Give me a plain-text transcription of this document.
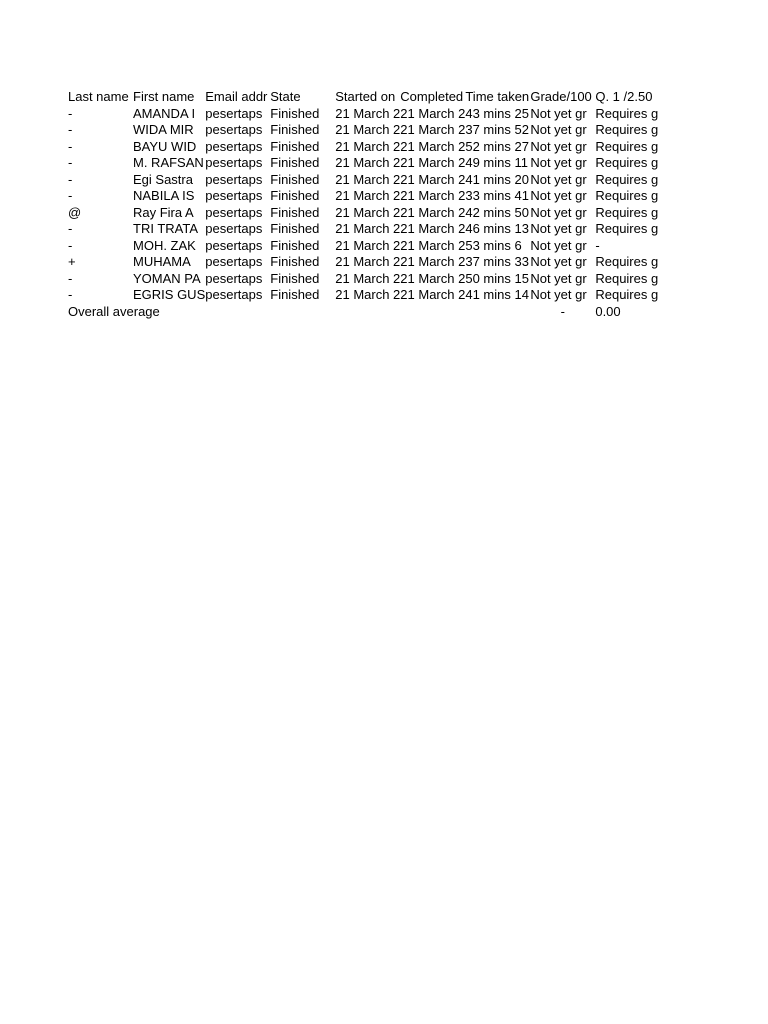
Last name	First name	Email addr	State	Started on	Completed	Time taken	Grade/100	Q. 1 /2.50
-	AMANDA I	pesertaps	Finished	21 March 2	21 March 2	43 mins 25	Not yet gr	Requires g
-	WIDA MIR	pesertaps	Finished	21 March 2	21 March 2	37 mins 52	Not yet gr	Requires g
-	BAYU WID	pesertaps	Finished	21 March 2	21 March 2	52 mins 27	Not yet gr	Requires g
-	M. RAFSAN	pesertaps	Finished	21 March 2	21 March 2	49 mins 11	Not yet gr	Requires g
-	Egi Sastra	pesertaps	Finished	21 March 2	21 March 2	41 mins 20	Not yet gr	Requires g
-	NABILA IS	pesertaps	Finished	21 March 2	21 March 2	33 mins 41	Not yet gr	Requires g
@	Ray Fira A	pesertaps	Finished	21 March 2	21 March 2	42 mins 50	Not yet gr	Requires g
-	TRI TRATA	pesertaps	Finished	21 March 2	21 March 2	46 mins 13	Not yet gr	Requires g
-	MOH. ZAK	pesertaps	Finished	21 March 2	21 March 2	53 mins 6	Not yet gr	-
+	MUHAMA	pesertaps	Finished	21 March 2	21 March 2	37 mins 33	Not yet gr	Requires g
-	YOMAN PA	pesertaps	Finished	21 March 2	21 March 2	50 mins 15	Not yet gr	Requires g
-	EGRIS GUS	pesertaps	Finished	21 March 2	21 March 2	41 mins 14	Not yet gr	Requires g
Overall average							-	0.00
